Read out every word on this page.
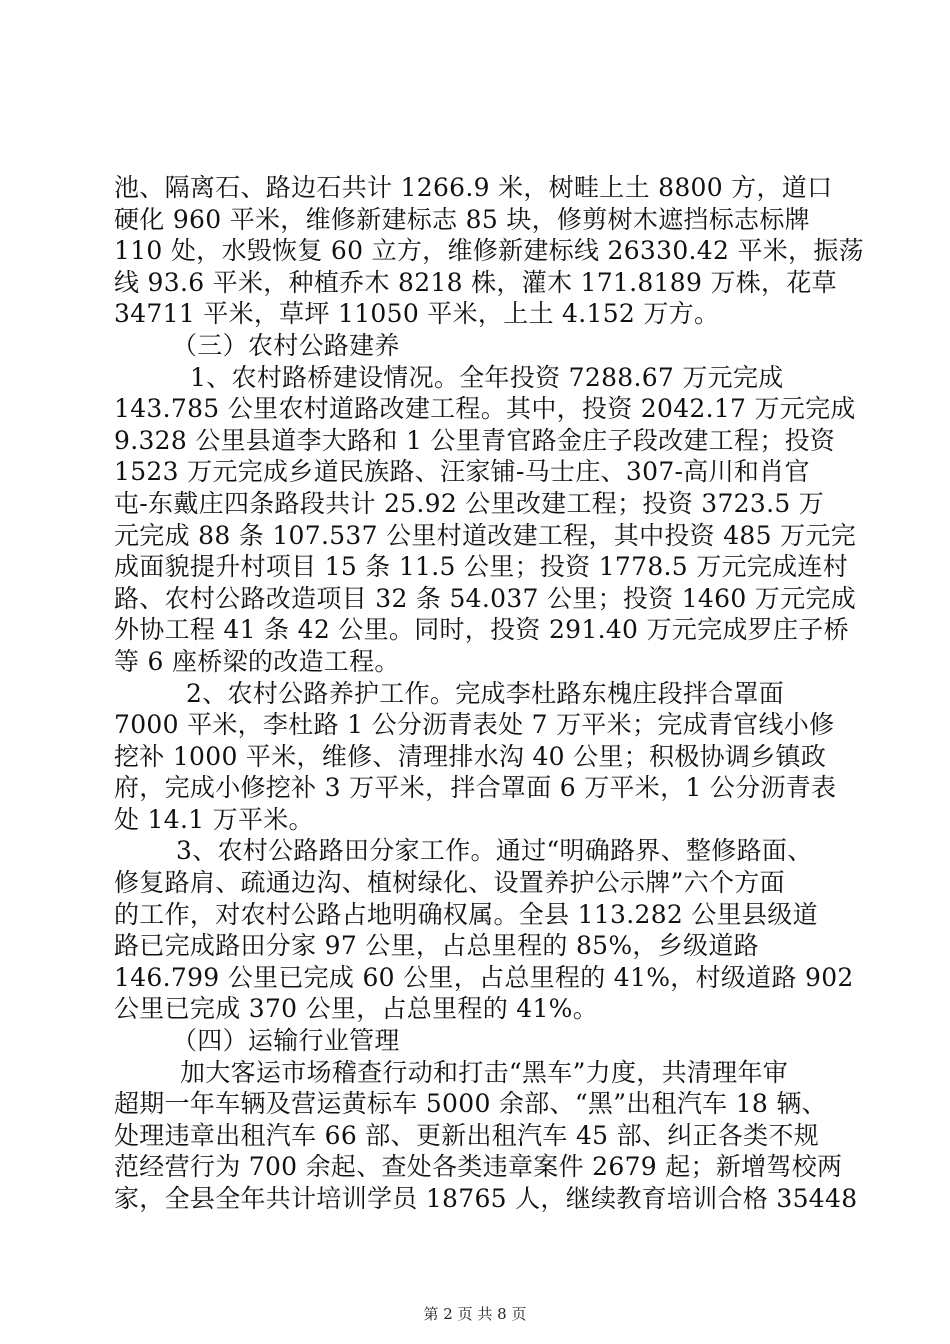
池、隔离石、路边石共计 1266.9 米，树畦上土 8800 方，道口
硬化 960 平米，维修新建标志 85 块，修剪树木遮挡标志标牌
110 处，水毁恢复 60 立方，维修新建标线 26330.42 平米，振荡
线 93.6 平米，种植乔木 8218 株，灌木 171.8189 万株，花草
34711 平米，草坪 11050 平米，上土 4.152 万方。
（三）农村公路建养
1、农村路桥建设情况。全年投资 7288.67 万元完成
143.785 公里农村道路改建工程。其中，投资 2042.17 万元完成
9.328 公里县道李大路和 1 公里青官路金庄子段改建工程；投资
1523 万元完成乡道民族路、汪家铺-马士庄、307-高川和肖官
屯-东戴庄四条路段共计 25.92 公里改建工程；投资 3723.5 万
元完成 88 条 107.537 公里村道改建工程，其中投资 485 万元完
成面貌提升村项目 15 条 11.5 公里；投资 1778.5 万元完成连村
路、农村公路改造项目 32 条 54.037 公里；投资 1460 万元完成
外协工程 41 条 42 公里。同时，投资 291.40 万元完成罗庄子桥
等 6 座桥梁的改造工程。
2、农村公路养护工作。完成李杜路东槐庄段拌合罩面
7000 平米，李杜路 1 公分沥青表处 7 万平米；完成青官线小修
挖补 1000 平米，维修、清理排水沟 40 公里；积极协调乡镇政
府，完成小修挖补 3 万平米，拌合罩面 6 万平米，1 公分沥青表
处 14.1 万平米。
3、农村公路路田分家工作。通过“明确路界、整修路面、
修复路肩、疏通边沟、植树绿化、设置养护公示牌”六个方面
的工作，对农村公路占地明确权属。全县 113.282 公里县级道
路已完成路田分家 97 公里，占总里程的 85%，乡级道路
146.799 公里已完成 60 公里，占总里程的 41%，村级道路 902
公里已完成 370 公里，占总里程的 41%。
（四）运输行业管理
加大客运市场稽查行动和打击“黑车”力度，共清理年审
超期一年车辆及营运黄标车 5000 余部、“黑”出租汽车 18 辆、
处理违章出租汽车 66 部、更新出租汽车 45 部、纠正各类不规
范经营行为 700 余起、查处各类违章案件 2679 起；新增驾校两
家，全县全年共计培训学员 18765 人，继续教育培训合格 35448
第 2 页 共 8 页
